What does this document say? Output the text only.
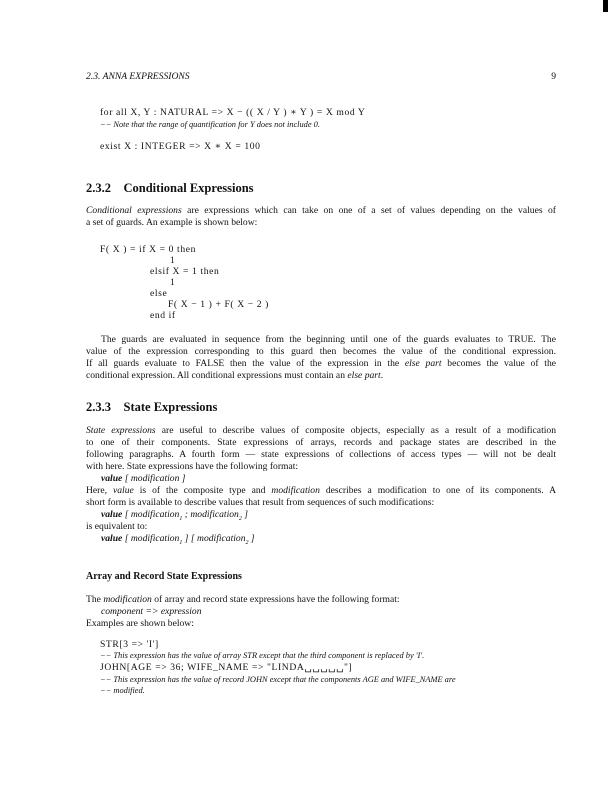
2.3. ANNA EXPRESSIONS	9
for all X, Y : NATURAL => X − (( X / Y ) ∗ Y ) = X mod Y
−− Note that the range of quantification for Y does not include 0.
exist X : INTEGER => X ∗ X = 100
2.3.2 Conditional Expressions
Conditional expressions are expressions which can take on one of a set of values depending on the values of
a set of guards. An example is shown below:
F( X ) = if X = 0 then
1
elsif X = 1 then
1
else
F( X − 1 ) + F( X − 2 )
end if
The guards are evaluated in sequence from the beginning until one of the guards evaluates to TRUE. The
value of the expression corresponding to this guard then becomes the value of the conditional expression.
If all guards evaluate to FALSE then the value of the expression in the else part becomes the value of the
conditional expression. All conditional expressions must contain an else part.
2.3.3 State Expressions
State expressions are useful to describe values of composite objects, especially as a result of a modification
to one of their components. State expressions of arrays, records and package states are described in the
following paragraphs. A fourth form — state expressions of collections of access types — will not be dealt
with here. State expressions have the following format:
value [ modification ]
Here, value is of the composite type and modification describes a modification to one of its components. A
short form is available to describe values that result from sequences of such modifications:
value [ modification$_1$ ; modification$_2$ ]
is equivalent to:
value [ modification$_1$ ] [ modification$_2$ ]
Array and Record State Expressions
The modification of array and record state expressions have the following format:
component => expression
Examples are shown below:
STR[3 => 'I']
−− This expression has the value of array STR except that the third component is replaced by 'I'.
JOHN[AGE => 36; WIFE_NAME => "LINDA␣␣␣␣␣"]
−− This expression has the value of record JOHN except that the components AGE and WIFE_NAME are
−− modified.
